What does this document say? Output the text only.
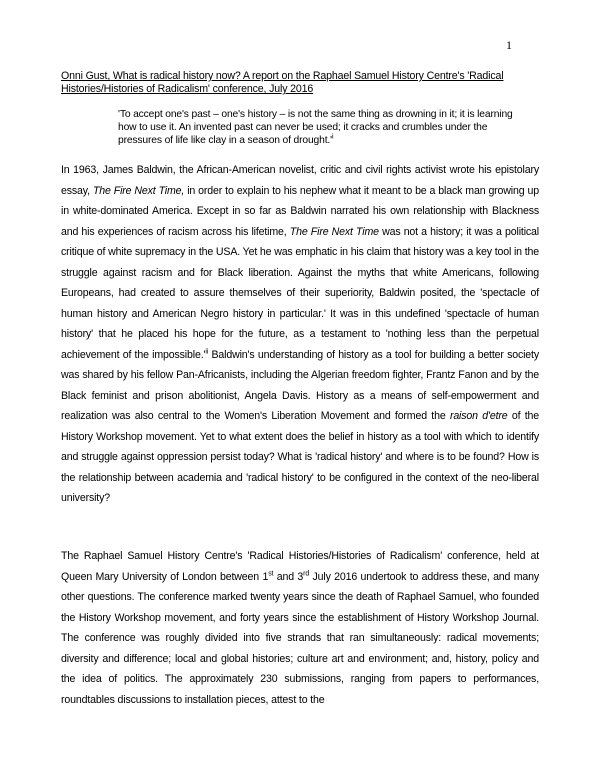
1
Onni Gust, What is radical history now? A report on the Raphael Samuel History Centre's 'Radical Histories/Histories of Radicalism' conference, July 2016
'To accept one's past – one's history – is not the same thing as drowning in it; it is learning how to use it. An invented past can never be used; it cracks and crumbles under the pressures of life like clay in a season of $drought.'^i$
In 1963, James Baldwin, the African-American novelist, critic and civil rights activist wrote his epistolary essay, The Fire Next Time, in order to explain to his nephew what it meant to be a black man growing up in white-dominated America. Except in so far as Baldwin narrated his own relationship with Blackness and his experiences of racism across his lifetime, The Fire Next Time was not a history; it was a political critique of white supremacy in the USA. Yet he was emphatic in his claim that history was a key tool in the struggle against racism and for Black liberation. Against the myths that white Americans, following Europeans, had created to assure themselves of their superiority, Baldwin posited, the 'spectacle of human history and American Negro history in particular.' It was in this undefined 'spectacle of human history' that he placed his hope for the future, as a testament to 'nothing less than the perpetual achievement of the $impossible.'^{ii}$ Baldwin's understanding of history as a tool for building a better society was shared by his fellow Pan-Africanists, including the Algerian freedom fighter, Frantz Fanon and by the Black feminist and prison abolitionist, Angela Davis. History as a means of self-empowerment and realization was also central to the Women's Liberation Movement and formed the raison d'etre of the History Workshop movement. Yet to what extent does the belief in history as a tool with which to identify and struggle against oppression persist today? What is 'radical history' and where is to be found? How is the relationship between academia and 'radical history' to be configured in the context of the neo-liberal university?
The Raphael Samuel History Centre's 'Radical Histories/Histories of Radicalism' conference, held at Queen Mary University of London between 1st and 3rd July 2016 undertook to address these, and many other questions. The conference marked twenty years since the death of Raphael Samuel, who founded the History Workshop movement, and forty years since the establishment of History Workshop Journal. The conference was roughly divided into five strands that ran simultaneously: radical movements; diversity and difference; local and global histories; culture art and environment; and, history, policy and the idea of politics. The approximately 230 submissions, ranging from papers to performances, roundtables discussions to installation pieces, attest to the
